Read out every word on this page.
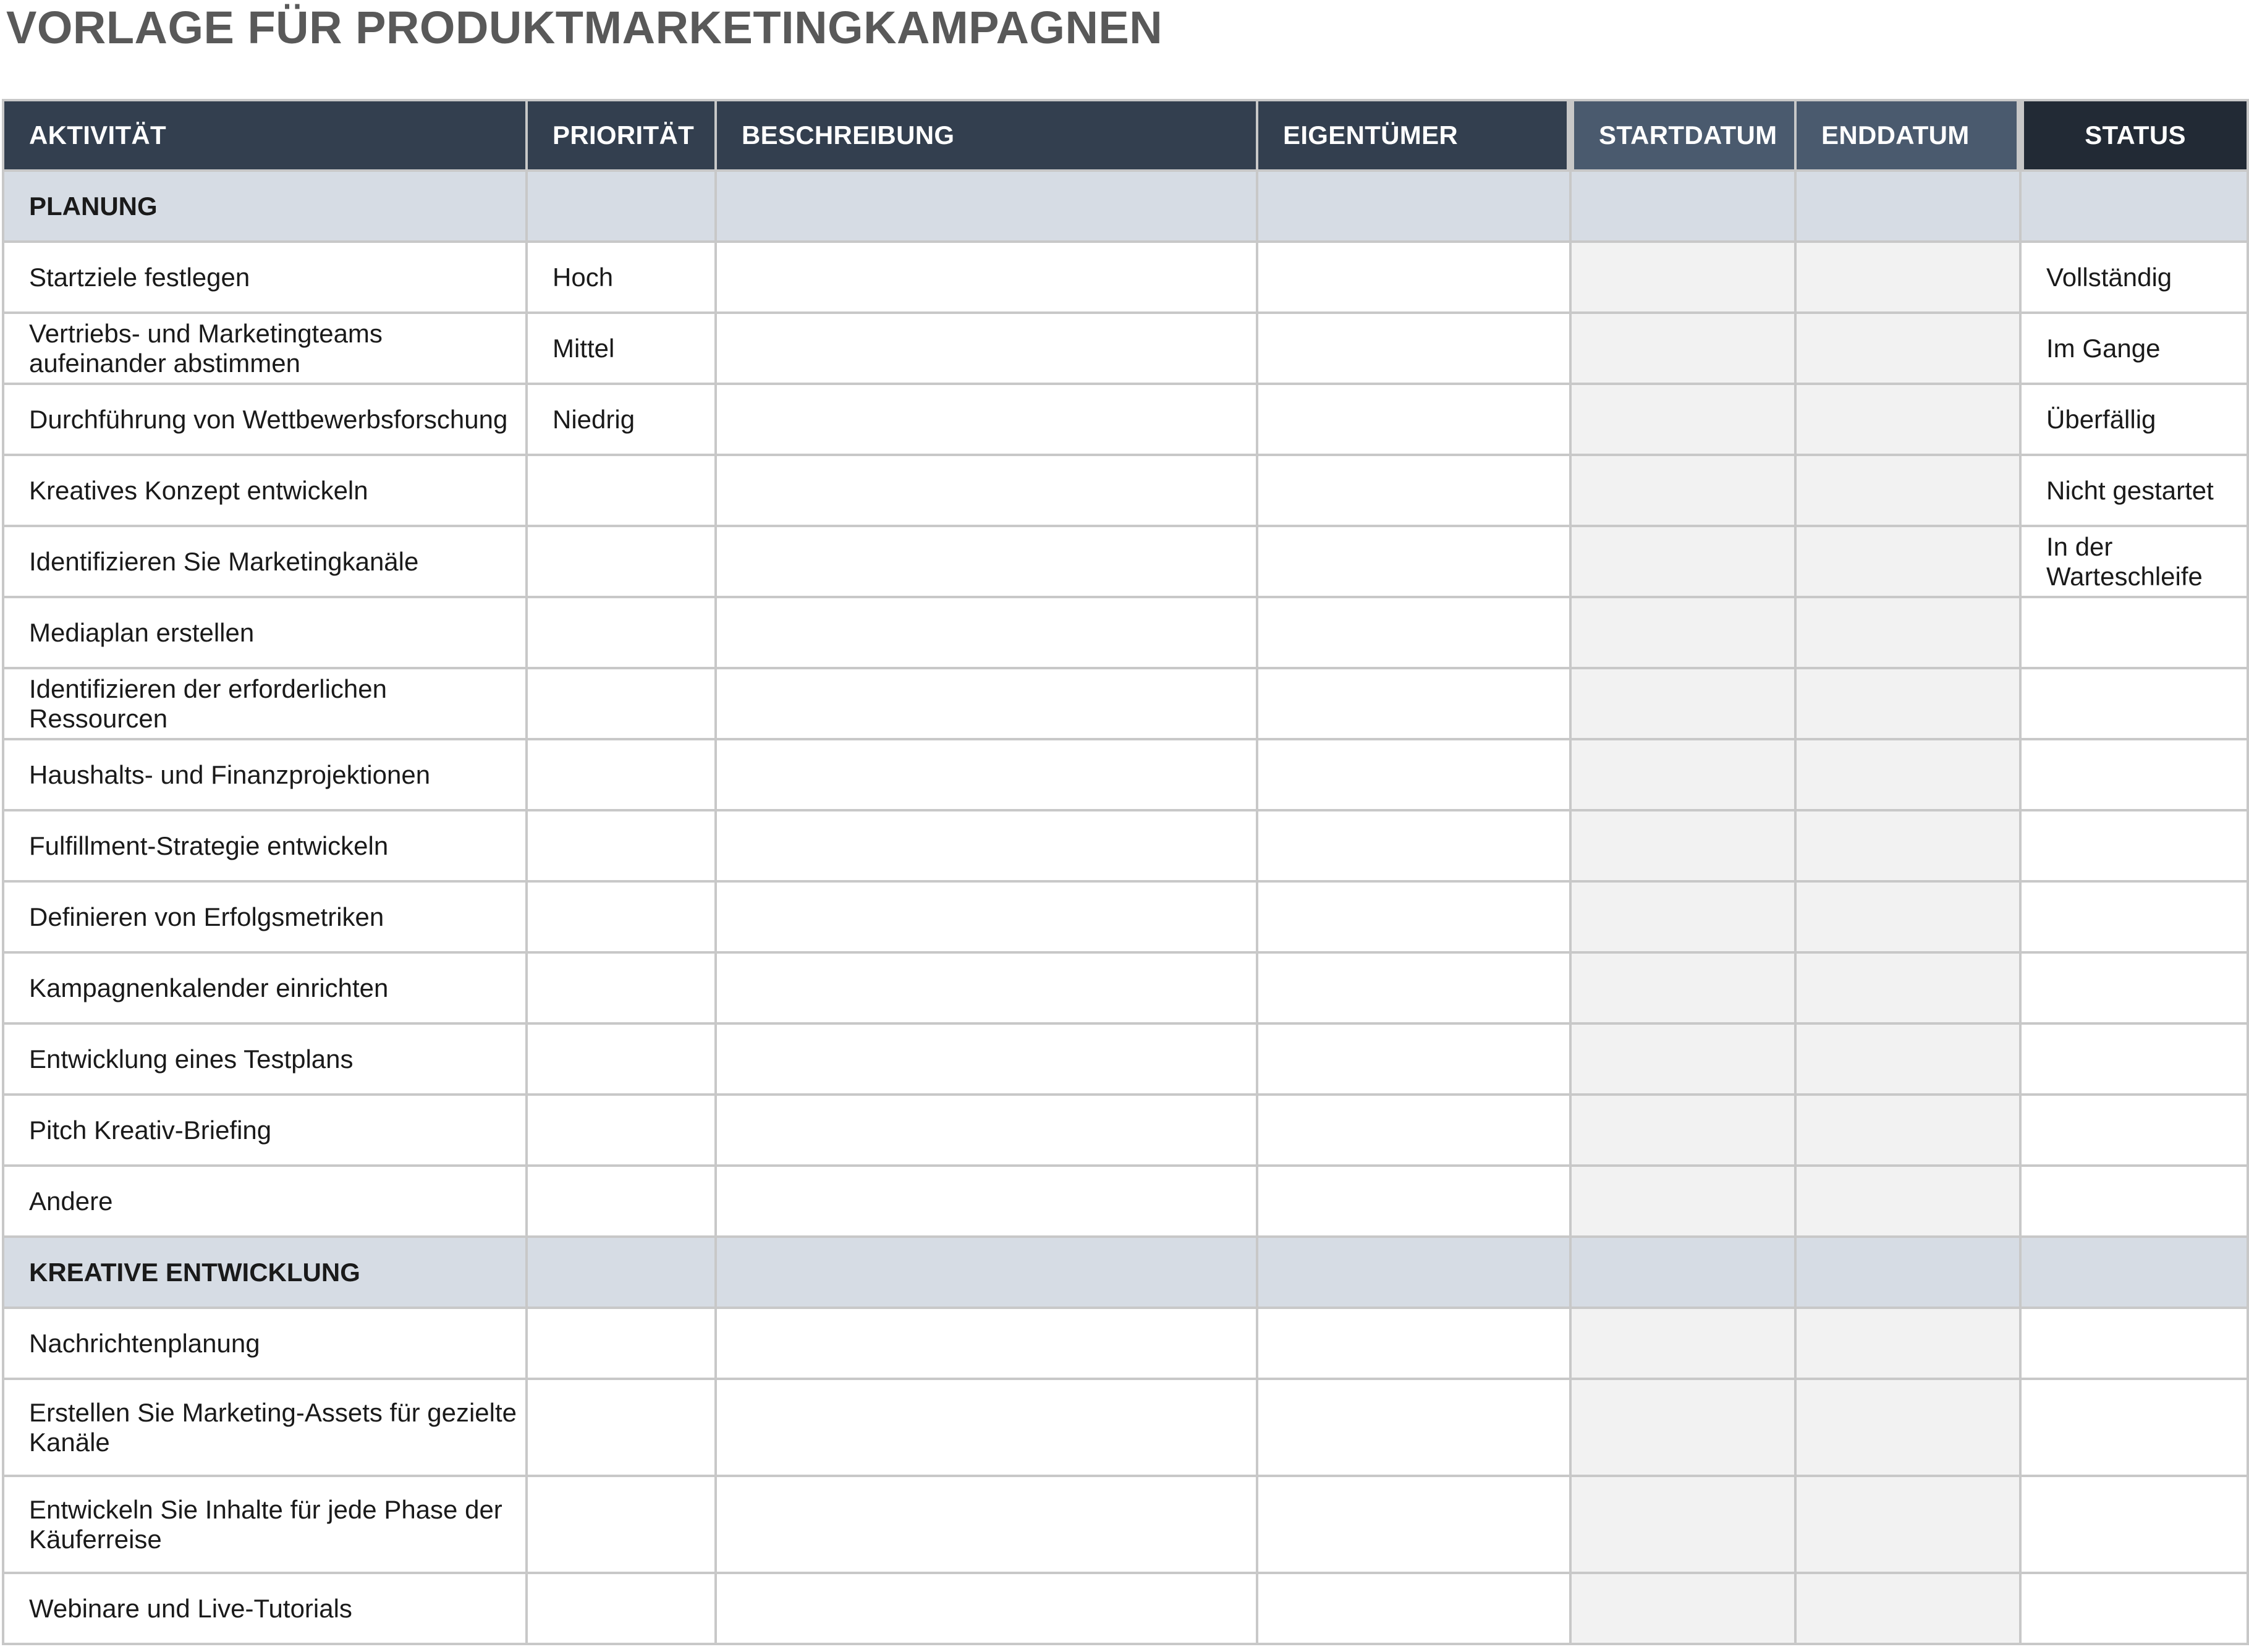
VORLAGE FÜR PRODUKTMARKETINGKAMPAGNEN
AKTIVITÄT	PRIORITÄT	BESCHREIBUNG	EIGENTÜMER	STARTDATUM	ENDDATUM	STATUS
PLANUNG						
Startziele festlegen	Hoch					Vollständig
Vertriebs- und Marketingteams aufeinander abstimmen	Mittel					Im Gange
Durchführung von Wettbewerbsforschung	Niedrig					Überfällig
Kreatives Konzept entwickeln						Nicht gestartet
Identifizieren Sie Marketingkanäle						In der Warteschleife
Mediaplan erstellen						
Identifizieren der erforderlichen Ressourcen						
Haushalts- und Finanzprojektionen						
Fulfillment-Strategie entwickeln						
Definieren von Erfolgsmetriken						
Kampagnenkalender einrichten						
Entwicklung eines Testplans						
Pitch Kreativ-Briefing						
Andere						
KREATIVE ENTWICKLUNG						
Nachrichtenplanung						
Erstellen Sie Marketing-Assets für gezielte Kanäle						
Entwickeln Sie Inhalte für jede Phase der Käuferreise						
Webinare und Live-Tutorials						
